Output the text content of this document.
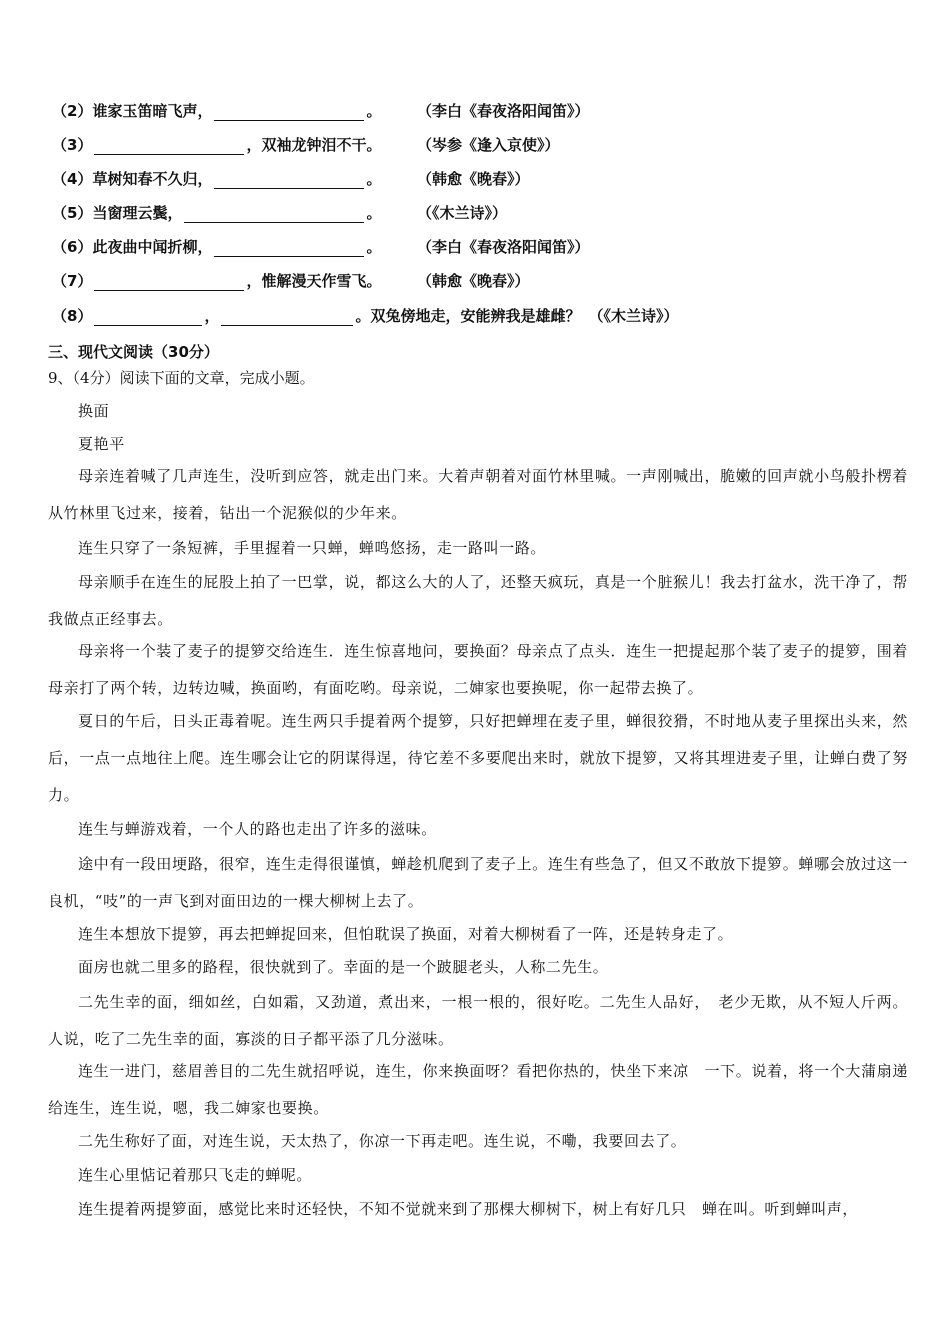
（2）谁家玉笛暗飞声，	。 （李白《春夜洛阳闻笛》）
（3）	，双袖龙钟泪不干。 （岑参《逢入京使》）
（4）草树知春不久归，	。 （韩愈《晚春》）
（5）当窗理云鬓，	。 （《木兰诗》）
（6）此夜曲中闻折柳，	。 （李白《春夜洛阳闻笛》）
（7）	，惟解漫天作雪飞。 （韩愈《晚春》）
（8）	，	。双兔傍地走，安能辨我是雄雌？ （《木兰诗》）
三、现代文阅读（30分）
9、（4分）阅读下面的文章，完成小题。
换面
夏艳平
母亲连着喊了几声连生，没听到应答，就走出门来。大着声朝着对面竹林里喊。一声刚喊出，脆嫩的回声就小鸟般扑楞着从竹林里飞过来，接着，钻出一个泥猴似的少年来。
连生只穿了一条短裤，手里握着一只蝉，蝉鸣悠扬，走一路叫一路。
母亲顺手在连生的屁股上拍了一巴掌，说，都这么大的人了，还整天疯玩，真是一个脏猴儿！我去打盆水，洗干净了，帮我做点正经事去。
母亲将一个装了麦子的提箩交给连生．连生惊喜地问，要换面？母亲点了点头．连生一把提起那个装了麦子的提箩，围着母亲打了两个转，边转边喊，换面哟，有面吃哟。母亲说，二婶家也要换呢，你一起带去换了。
夏日的午后，日头正毒着呢。连生两只手提着两个提箩，只好把蝉埋在麦子里，蝉很狡猾，不时地从麦子里探出头来，然后，一点一点地往上爬。连生哪会让它的阴谋得逞，待它差不多要爬出来时，就放下提箩，又将其埋进麦子里，让蝉白费了努力。
连生与蝉游戏着，一个人的路也走出了许多的滋味。
途中有一段田埂路，很窄，连生走得很谨慎，蝉趁机爬到了麦子上。连生有些急了，但又不敢放下提箩。蝉哪会放过这一良机，“吱”的一声飞到对面田边的一棵大柳树上去了。
连生本想放下提箩，再去把蝉捉回来，但怕耽误了换面，对着大柳树看了一阵，还是转身走了。
面房也就二里多的路程，很快就到了。幸面的是一个跛腿老头，人称二先生。
二先生幸的面，细如丝，白如霜，又劲道，煮出来，一根一根的，很好吃。二先生人品好，　老少无欺，从不短人斤两。人说，吃了二先生幸的面，寡淡的日子都平添了几分滋味。
连生一进门，慈眉善目的二先生就招呼说，连生，你来换面呀？看把你热的，快坐下来凉　一下。说着，将一个大蒲扇递给连生，连生说，嗯，我二婶家也要换。
二先生称好了面，对连生说，天太热了，你凉一下再走吧。连生说，不嘞，我要回去了。
连生心里惦记着那只飞走的蝉呢。
连生提着两提箩面，感觉比来时还轻快，不知不觉就来到了那棵大柳树下，树上有好几只　蝉在叫。听到蝉叫声，
